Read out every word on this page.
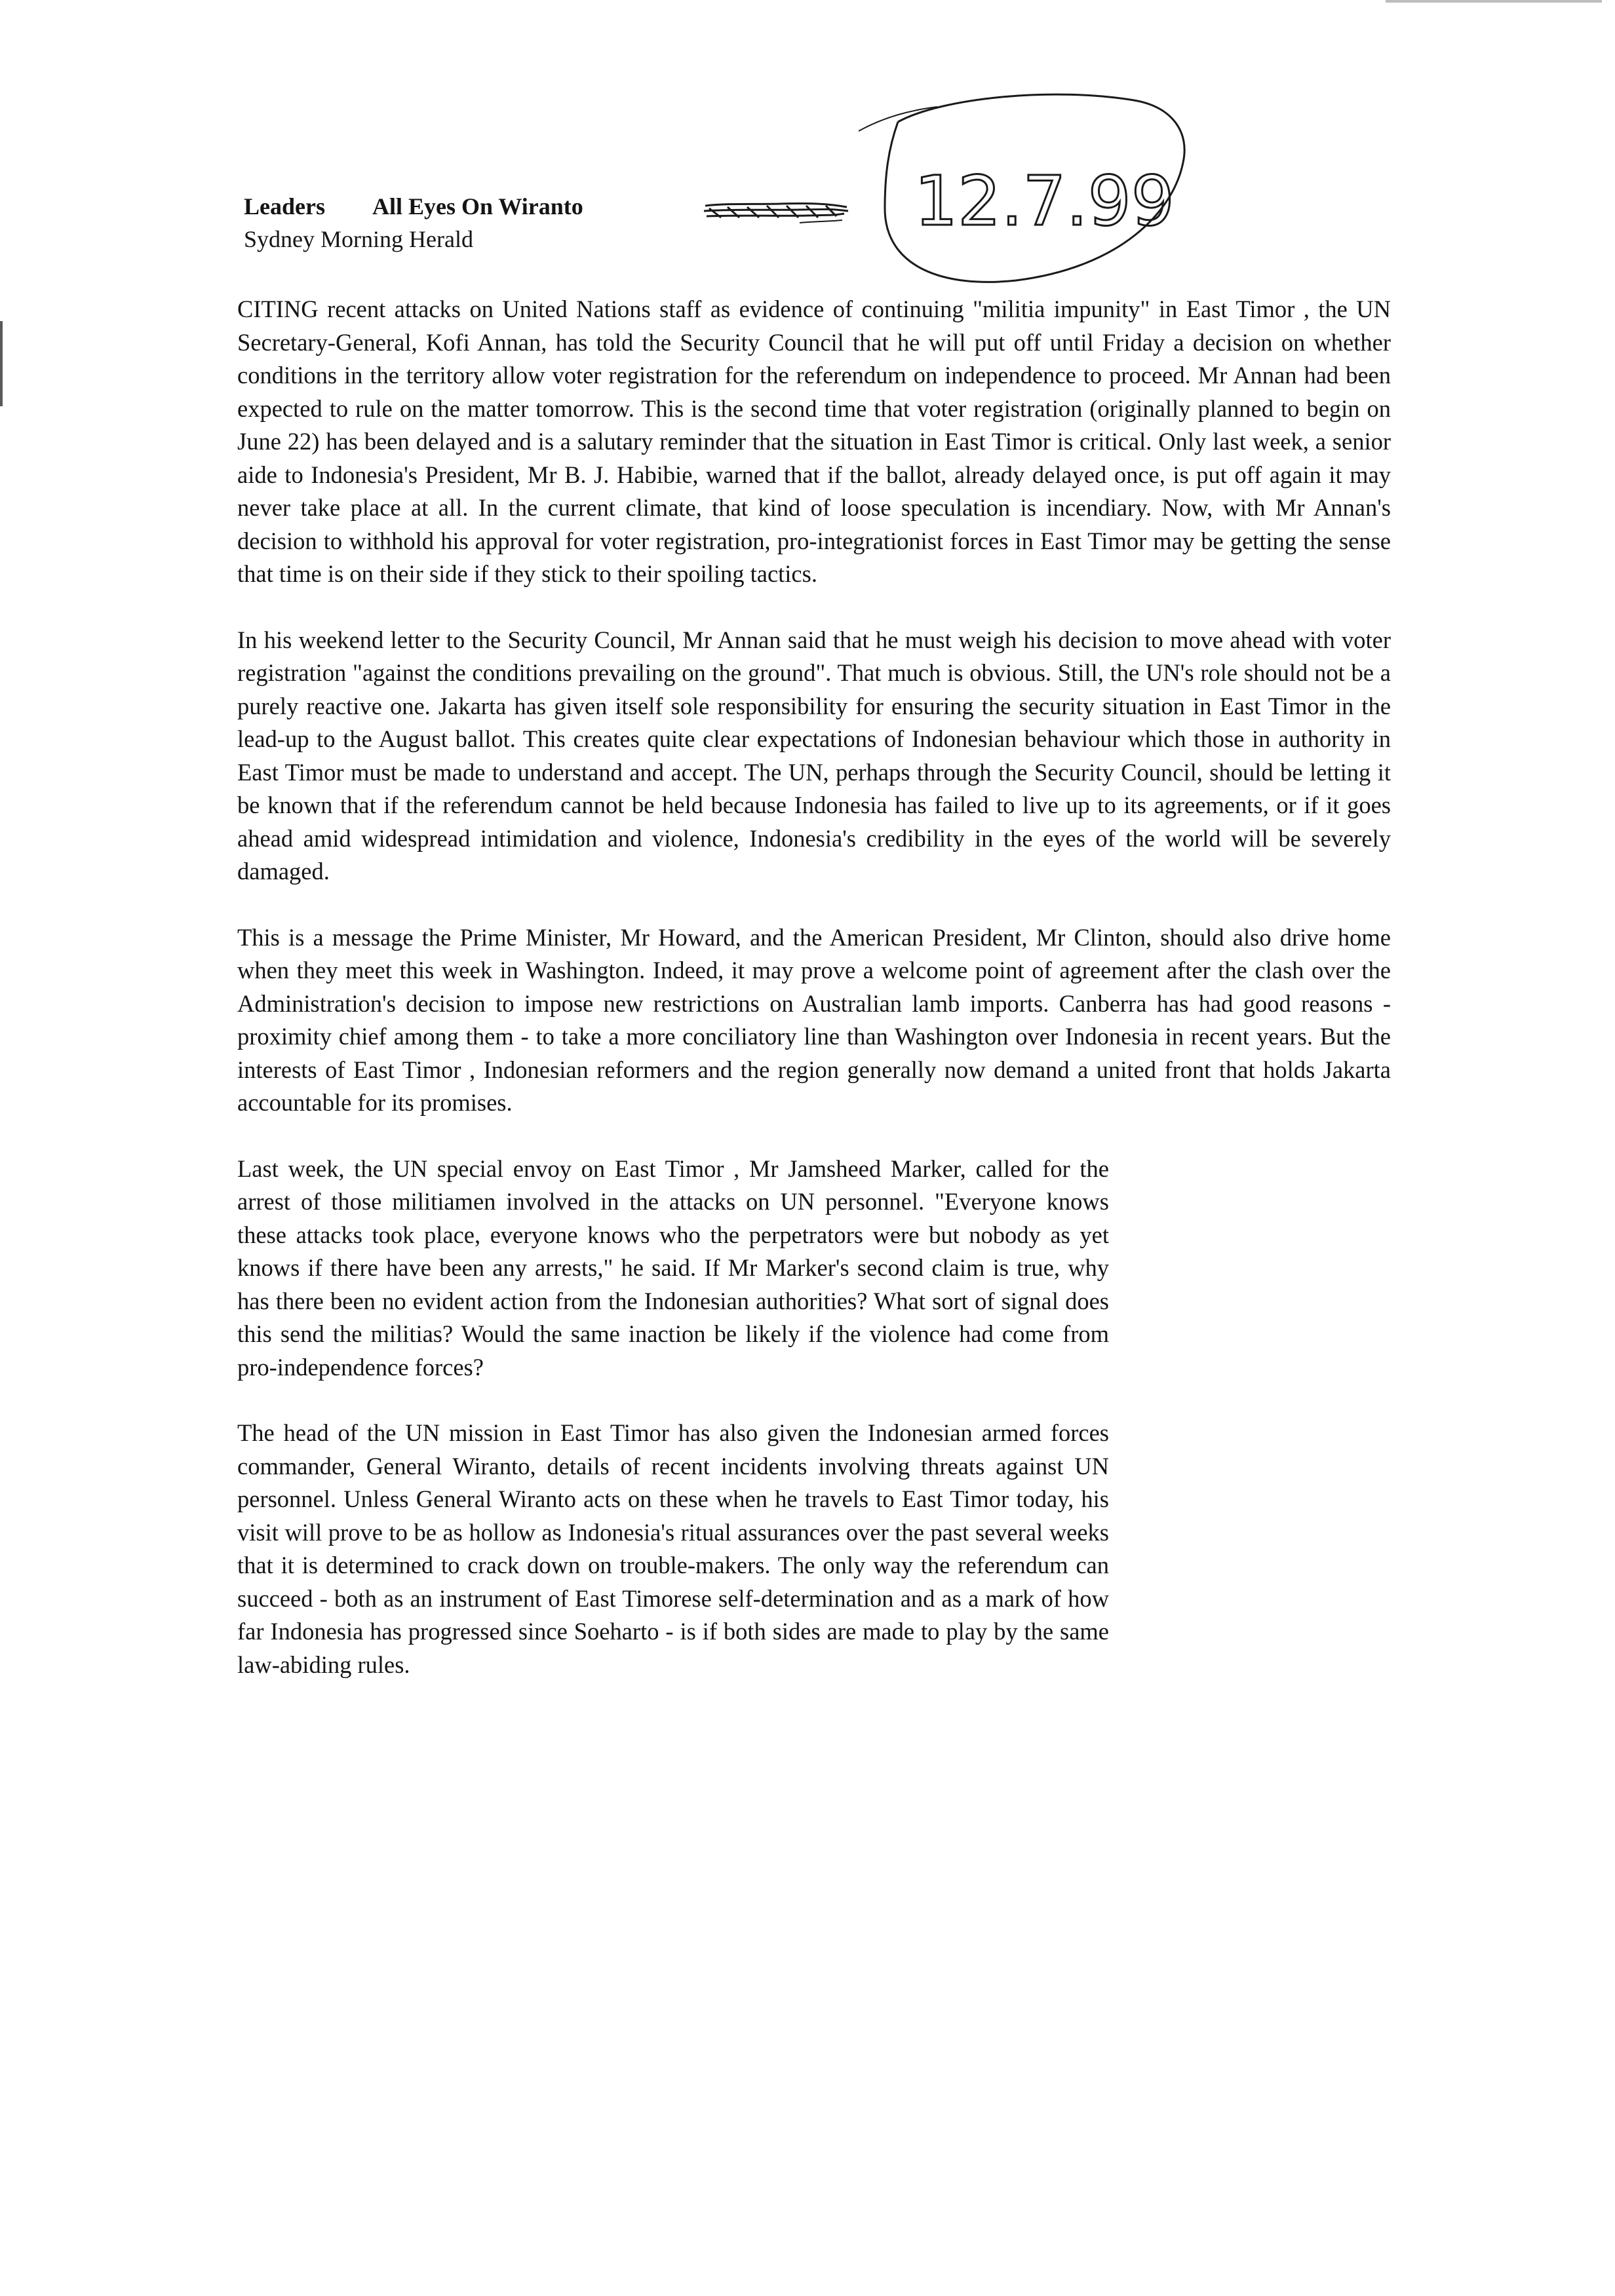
Leaders All Eyes On Wiranto
Sydney Morning Herald	12.7.99

CITING recent attacks on United Nations staff as evidence of continuing "militia impunity" in East Timor , the UN Secretary-General, Kofi Annan, has told the Security Council that he will put off until Friday a decision on whether conditions in the territory allow voter registration for the referendum on independence to proceed. Mr Annan had been expected to rule on the matter tomorrow. This is the second time that voter registration (originally planned to begin on June 22) has been delayed and is a salutary reminder that the situation in East Timor is critical. Only last week, a senior aide to Indonesia's President, Mr B. J. Habibie, warned that if the ballot, already delayed once, is put off again it may never take place at all. In the current climate, that kind of loose speculation is incendiary. Now, with Mr Annan's decision to withhold his approval for voter registration, pro-integrationist forces in East Timor may be getting the sense that time is on their side if they stick to their spoiling tactics.

In his weekend letter to the Security Council, Mr Annan said that he must weigh his decision to move ahead with voter registration "against the conditions prevailing on the ground". That much is obvious. Still, the UN's role should not be a purely reactive one. Jakarta has given itself sole responsibility for ensuring the security situation in East Timor in the lead-up to the August ballot. This creates quite clear expectations of Indonesian behaviour which those in authority in East Timor must be made to understand and accept. The UN, perhaps through the Security Council, should be letting it be known that if the referendum cannot be held because Indonesia has failed to live up to its agreements, or if it goes ahead amid widespread intimidation and violence, Indonesia's credibility in the eyes of the world will be severely damaged.

This is a message the Prime Minister, Mr Howard, and the American President, Mr Clinton, should also drive home when they meet this week in Washington. Indeed, it may prove a welcome point of agreement after the clash over the Administration's decision to impose new restrictions on Australian lamb imports. Canberra has had good reasons - proximity chief among them - to take a more conciliatory line than Washington over Indonesia in recent years. But the interests of East Timor , Indonesian reformers and the region generally now demand a united front that holds Jakarta accountable for its promises.

Last week, the UN special envoy on East Timor , Mr Jamsheed Marker, called for the arrest of those militiamen involved in the attacks on UN personnel. "Everyone knows these attacks took place, everyone knows who the perpetrators were but nobody as yet knows if there have been any arrests," he said. If Mr Marker's second claim is true, why has there been no evident action from the Indonesian authorities? What sort of signal does this send the militias? Would the same inaction be likely if the violence had come from pro-independence forces?

The head of the UN mission in East Timor has also given the Indonesian armed forces commander, General Wiranto, details of recent incidents involving threats against UN personnel. Unless General Wiranto acts on these when he travels to East Timor today, his visit will prove to be as hollow as Indonesia's ritual assurances over the past several weeks that it is determined to crack down on trouble-makers. The only way the referendum can succeed - both as an instrument of East Timorese self-determination and as a mark of how far Indonesia has progressed since Soeharto - is if both sides are made to play by the same law-abiding rules.
